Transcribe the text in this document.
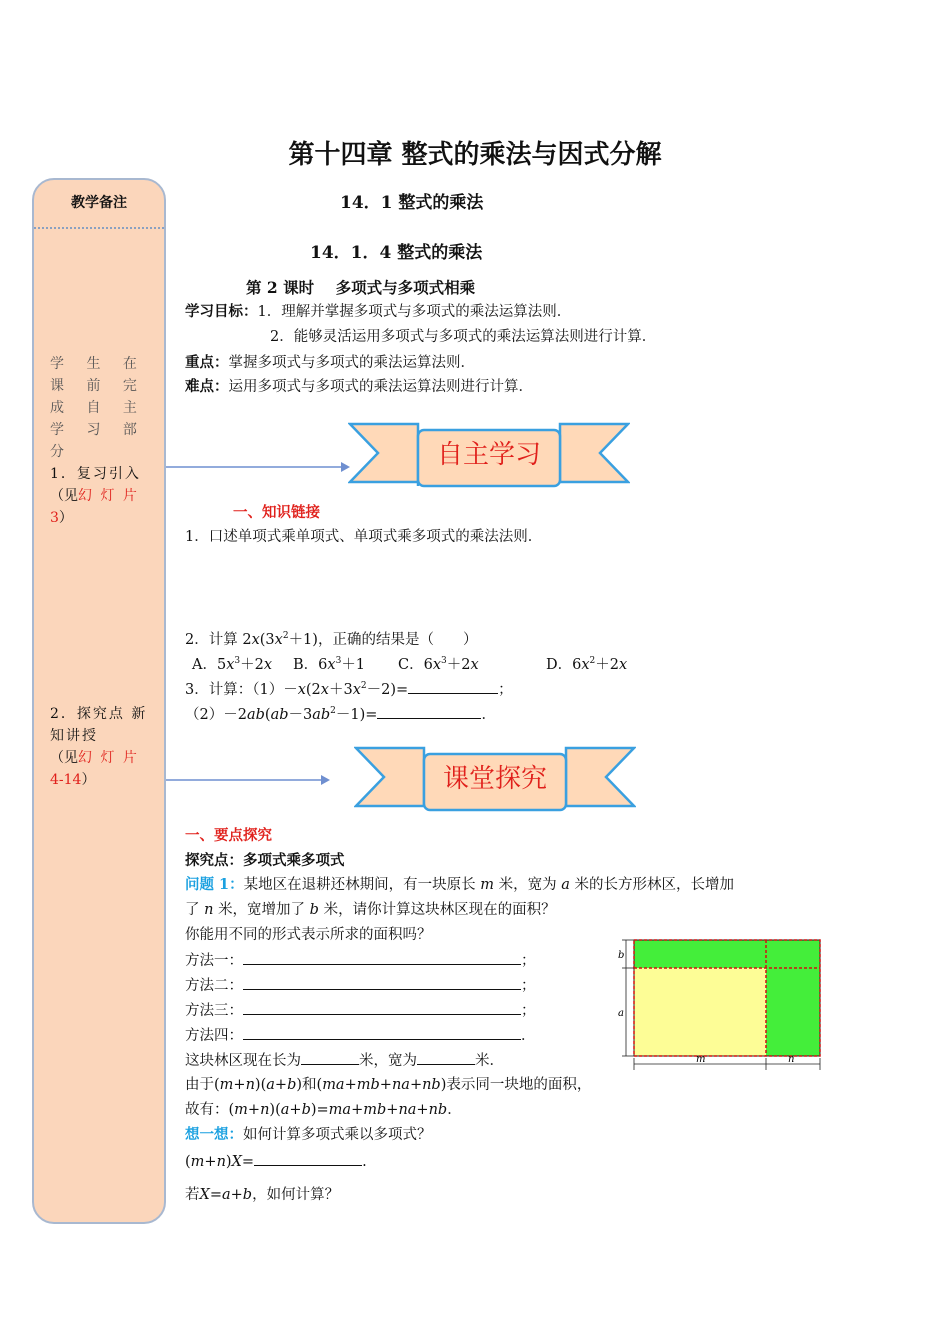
第十四章 整式的乘法与因式分解
教学备注
学 生 在 课 前 完 成 自 主 学 习 部 分
1．复习引入
（见幻 灯 片
3）
2．探究点 新 知讲授
（见幻 灯 片
4-14）
14．1 整式的乘法
14．1．4 整式的乘法
第 2 课时    多项式与多项式相乘
学习目标：1．理解并掌握多项式与多项式的乘法运算法则．
2．能够灵活运用多项式与多项式的乘法运算法则进行计算．
重点：掌握多项式与多项式的乘法运算法则．
难点：运用多项式与多项式的乘法运算法则进行计算．
自主学习
一、知识链接
1．口述单项式乘单项式、单项式乘多项式的乘法法则．
2．计算 $2x(3x^2+1)$，正确的结果是（　　）
A．$5x^3+2x$ B．$6x^3+1$ C．$6x^3+2x$	D．$6x^2+2x$
3．计算：$(1)-x(2x+3x^2-2)=$	；
$(2)-2ab(ab-3ab^2-1)=$	．
课堂探究
一、要点探究
探究点：多项式乘多项式
问题 1：某地区在退耕还林期间，有一块原长 m 米，宽为 a 米的长方形林区，长增加
了 n 米，宽增加了 b 米，请你计算这块林区现在的面积？
你能用不同的形式表示所求的面积吗？
方法一：	；
方法二：	；
方法三：	；
方法四：	．
这块林区现在长为	米，宽为	米．
由于(m+n)(a+b)和(ma+mb+na+nb)表示同一块地的面积，
故有：(m+n)(a+b)=ma+mb+na+nb．
想一想：如何计算多项式乘以多项式？
(m+n)X=	.
若X=a+b，如何计算？
b
a
m	n
